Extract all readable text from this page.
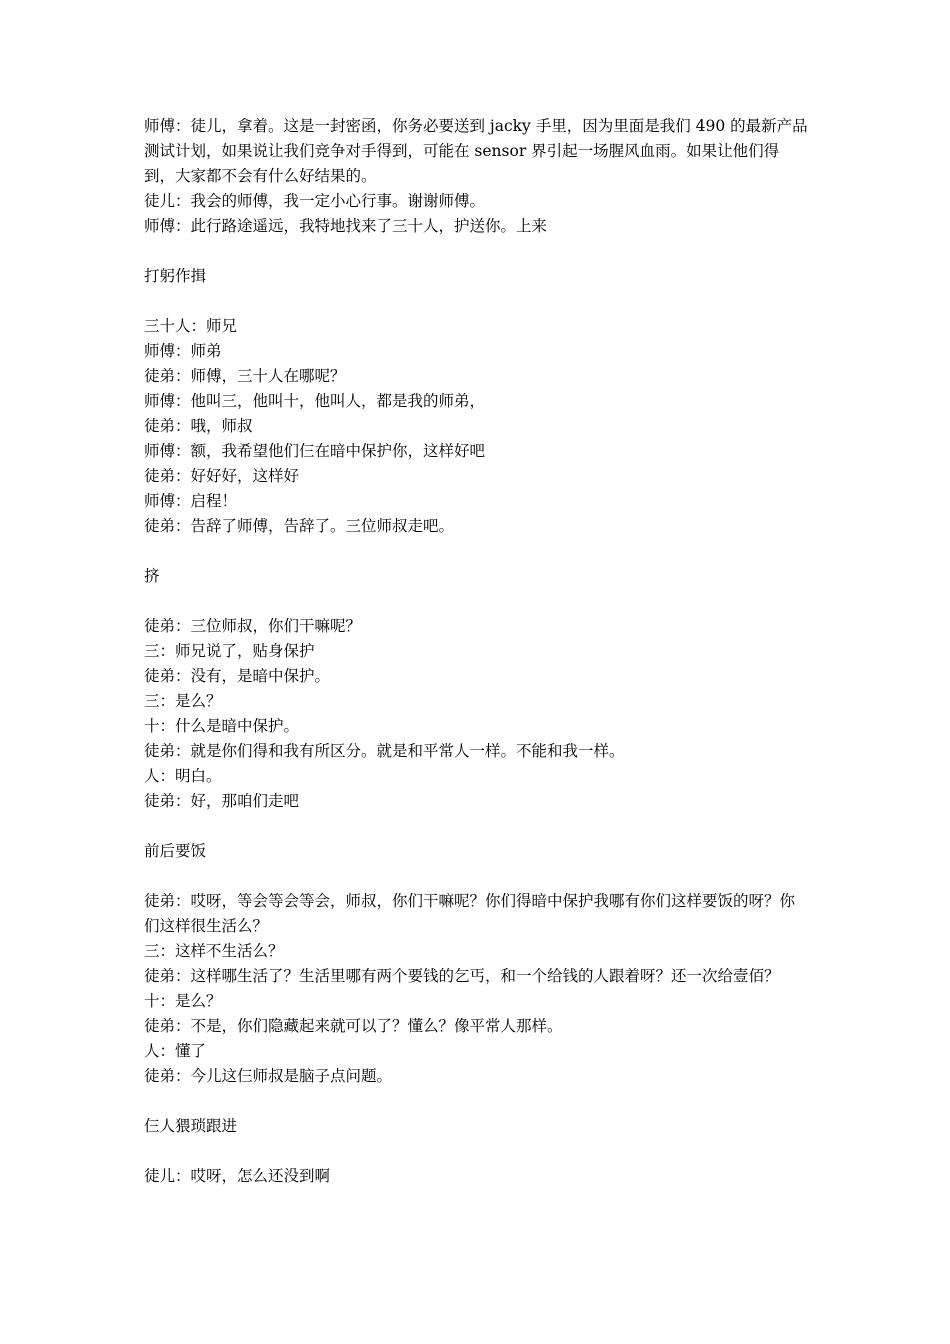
师傅：徒儿，拿着。这是一封密函，你务必要送到 jacky 手里，因为里面是我们 490 的最新产品测试计划，如果说让我们竞争对手得到，可能在 sensor 界引起一场腥风血雨。如果让他们得到，大家都不会有什么好结果的。

徒儿：我会的师傅，我一定小心行事。谢谢师傅。

师傅：此行路途遥远，我特地找来了三十人，护送你。上来

打躬作揖

三十人：师兄

师傅：师弟

徒弟：师傅，三十人在哪呢？

师傅：他叫三，他叫十，他叫人，都是我的师弟，

徒弟：哦，师叔

师傅：额，我希望他们仨在暗中保护你，这样好吧

徒弟：好好好，这样好

师傅：启程！

徒弟：告辞了师傅，告辞了。三位师叔走吧。

挤

徒弟：三位师叔，你们干嘛呢？

三：师兄说了，贴身保护

徒弟：没有，是暗中保护。

三：是么？

十：什么是暗中保护。

徒弟：就是你们得和我有所区分。就是和平常人一样。不能和我一样。

人：明白。

徒弟：好，那咱们走吧

前后要饭

徒弟：哎呀，等会等会等会，师叔，你们干嘛呢？你们得暗中保护我哪有你们这样要饭的呀？你们这样很生活么？

三：这样不生活么？

徒弟：这样哪生活了？生活里哪有两个要钱的乞丐，和一个给钱的人跟着呀？还一次给壹佰？

十：是么？

徒弟：不是，你们隐藏起来就可以了？懂么？像平常人那样。

人：懂了

徒弟：今儿这仨师叔是脑子点问题。

仨人猥琐跟进

徒儿：哎呀，怎么还没到啊
